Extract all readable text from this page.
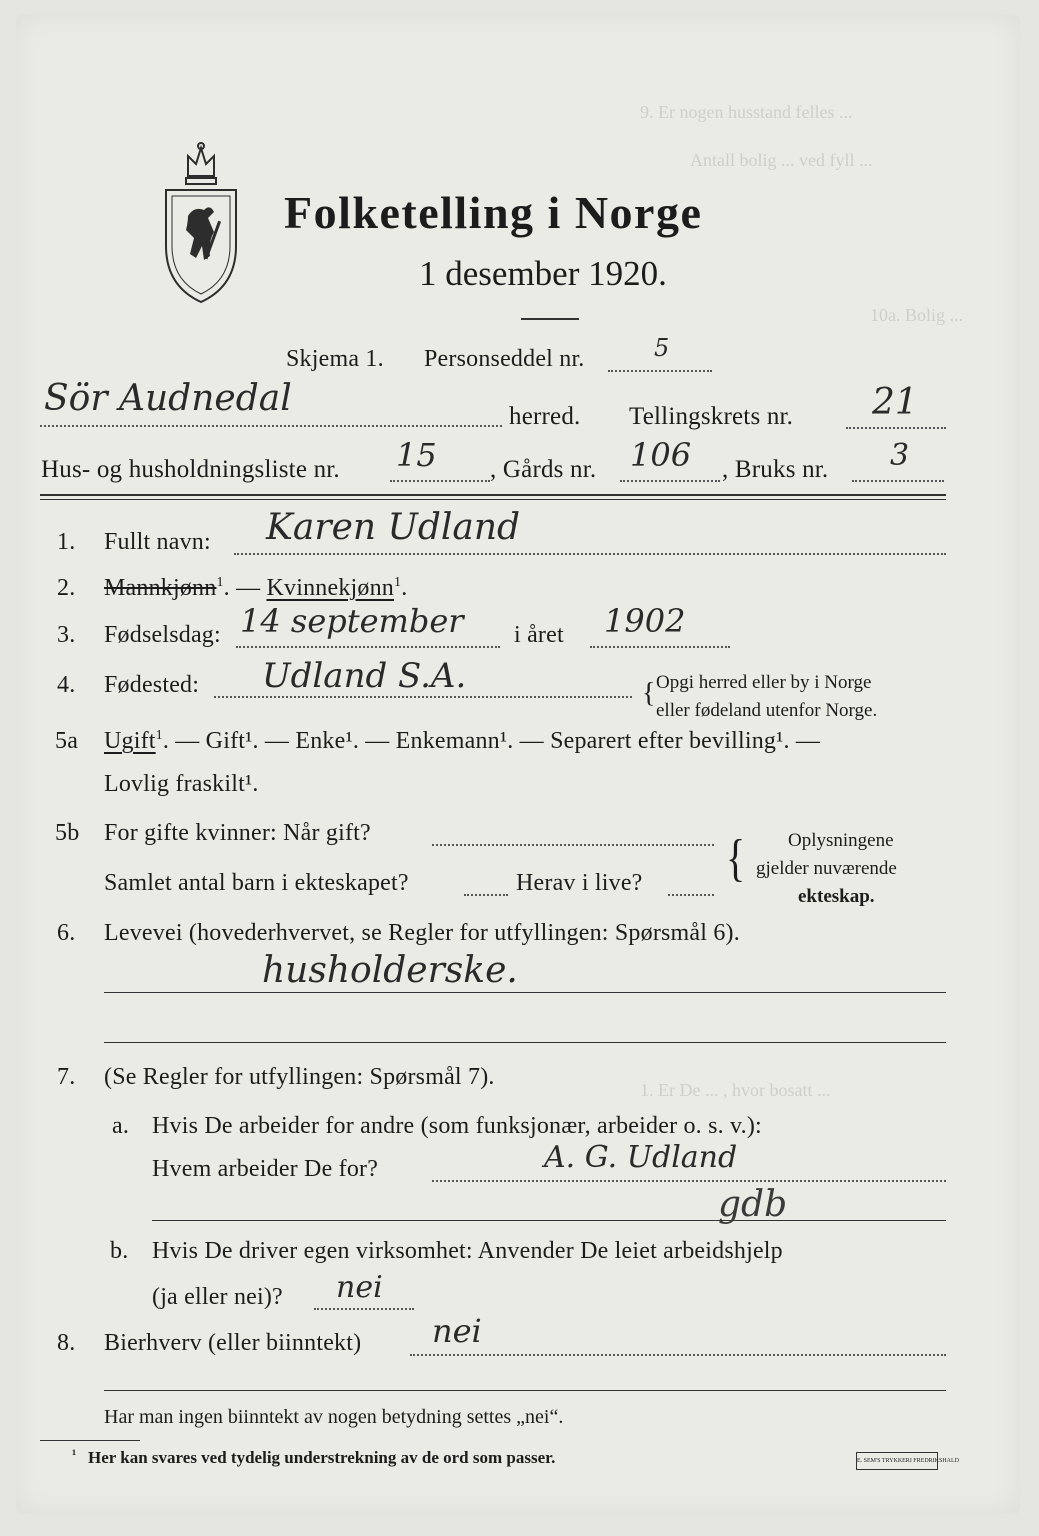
9. Er nogen husstand felles ...
Antall bolig ... ved fyll ...
10a. Bolig ...
1. Er De ... , hvor bosatt ...
Folketelling i Norge
1 desember 1920.
Skjema 1. Personseddel nr.	5
Sör Audnedal	herred. Tellingskrets nr. 21
Hus- og husholdningsliste nr. 15 , Gårds nr. 106 , Bruks nr. 3
1. Fullt navn: Karen Udland
2. Mannkjønn$^1$. — Kvinnekjønn$^1$.
3. Fødselsdag: 14 september i året 1902
4. Fødested: Udland S.A.	{ Opgi herred eller by i Norge
eller fødeland utenfor Norge.
5a Ugift$^1$. — Gift¹. — Enke¹. — Enkemann¹. — Separert efter bevilling¹. —
Lovlig fraskilt¹.
5b For gifte kvinner: Når gift?
Samlet antal barn i ekteskapet?	Herav i live? { Oplysningene
gjelder nuværende
ekteskap.
6. Levevei (hovederhvervet, se Regler for utfyllingen: Spørsmål 6).
husholderske.
7. (Se Regler for utfyllingen: Spørsmål 7).
a. Hvis De arbeider for andre (som funksjonær, arbeider o. s. v.):
Hvem arbeider De for?	A. G. Udland
gdb
b. Hvis De driver egen virksomhet: Anvender De leiet arbeidshjelp
(ja eller nei)? nei
8. Bierhverv (eller biinntekt) nei
Har man ingen biinntekt av nogen betydning settes „nei“.
¹ Her kan svares ved tydelig understrekning av de ord som passer.	E. SEM'S TRYKKERI FREDRIKSHALD
